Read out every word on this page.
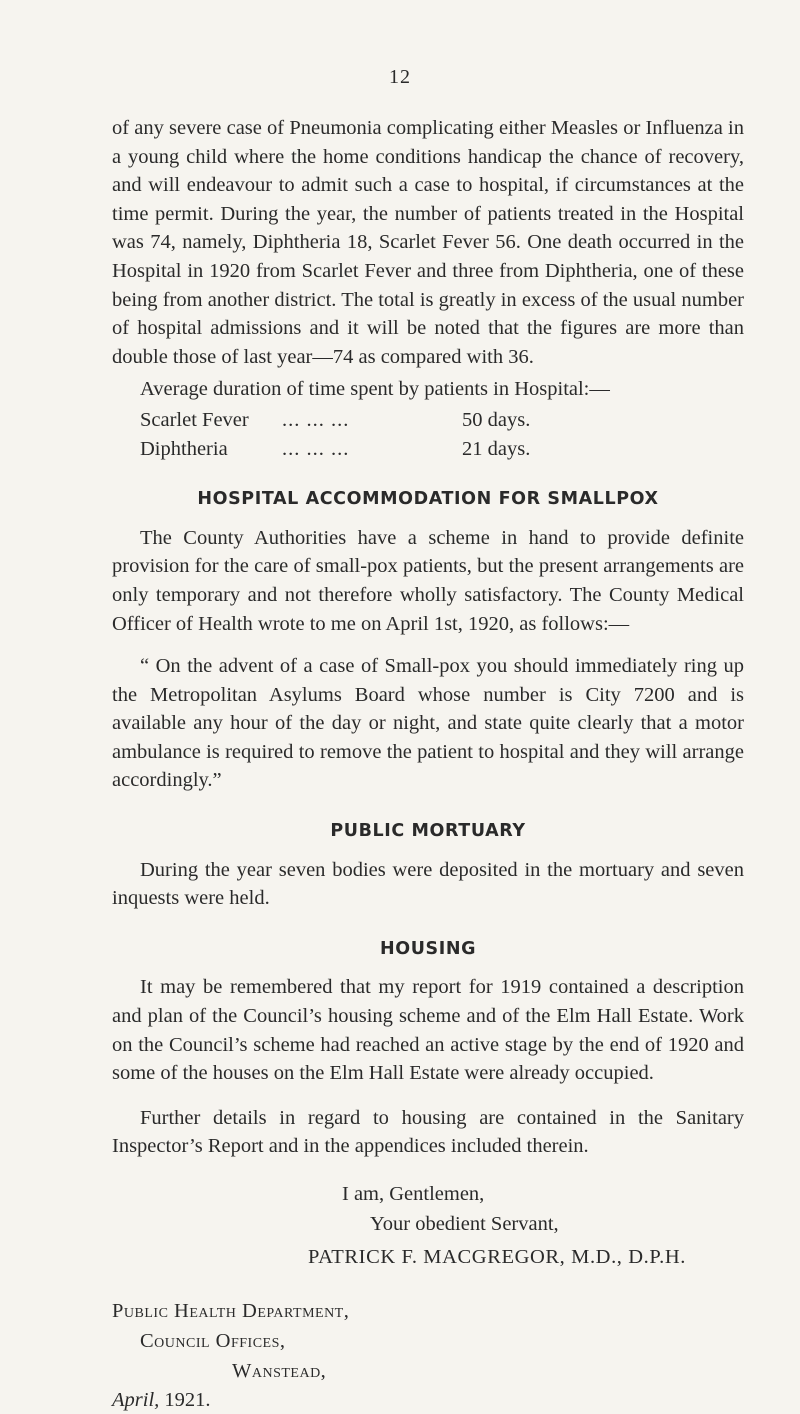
12

of any severe case of Pneumonia complicating either Measles or Influenza in a young child where the home conditions handicap the chance of recovery, and will endeavour to admit such a case to hospital, if circumstances at the time permit. During the year, the number of patients treated in the Hospital was 74, namely, Diphtheria 18, Scarlet Fever 56. One death occurred in the Hospital in 1920 from Scarlet Fever and three from Diphtheria, one of these being from another district. The total is greatly in excess of the usual number of hospital admissions and it will be noted that the figures are more than double those of last year—74 as compared with 36.

Average duration of time spent by patients in Hospital:—

Scarlet Fever	... ... ...	50 days.
Diphtheria	... ... ...	21 days.
HOSPITAL ACCOMMODATION FOR SMALLPOX

The County Authorities have a scheme in hand to provide definite provision for the care of small-pox patients, but the present arrangements are only temporary and not therefore wholly satisfactory. The County Medical Officer of Health wrote to me on April 1st, 1920, as follows:—

“ On the advent of a case of Small-pox you should immediately ring up the Metropolitan Asylums Board whose number is City 7200 and is available any hour of the day or night, and state quite clearly that a motor ambulance is required to remove the patient to hospital and they will arrange accordingly.”

PUBLIC MORTUARY

During the year seven bodies were deposited in the mortuary and seven inquests were held.

HOUSING

It may be remembered that my report for 1919 contained a description and plan of the Council’s housing scheme and of the Elm Hall Estate. Work on the Council’s scheme had reached an active stage by the end of 1920 and some of the houses on the Elm Hall Estate were already occupied.

Further details in regard to housing are contained in the Sanitary Inspector’s Report and in the appendices included therein.

I am, Gentlemen,
Your obedient Servant,
PATRICK F. MACGREGOR, M.D., D.P.H.
Public Health Department,
Council Offices,
Wanstead,
April, 1921.
